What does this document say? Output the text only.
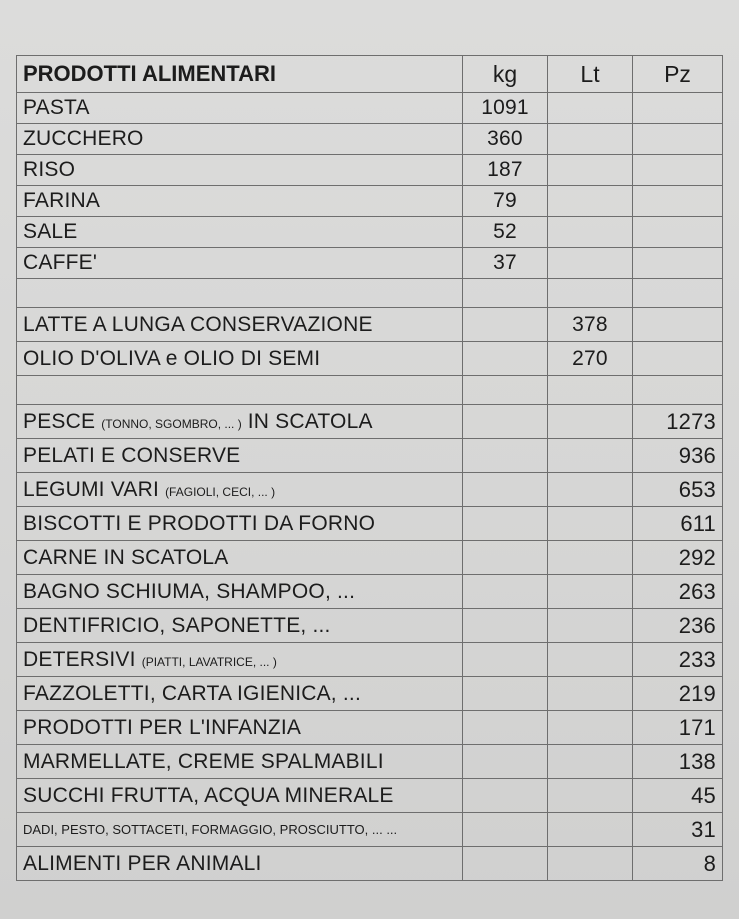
PRODOTTI ALIMENTARI	kg	Lt	Pz
PASTA	1091		
ZUCCHERO	360		
RISO	187		
FARINA	79		
SALE	52		
CAFFE'	37		

LATTE A LUNGA CONSERVAZIONE		378	
OLIO D'OLIVA e OLIO DI SEMI		270	

PESCE (TONNO, SGOMBRO, ... ) IN SCATOLA			1273
PELATI E CONSERVE			936
LEGUMI VARI (FAGIOLI, CECI, ... )			653
BISCOTTI E PRODOTTI DA FORNO			611
CARNE IN SCATOLA			292
BAGNO SCHIUMA, SHAMPOO, ...			263
DENTIFRICIO, SAPONETTE, ...			236
DETERSIVI (PIATTI, LAVATRICE, ... )			233
FAZZOLETTI, CARTA IGIENICA, ...			219
PRODOTTI PER L'INFANZIA			171
MARMELLATE, CREME SPALMABILI			138
SUCCHI FRUTTA, ACQUA MINERALE			45
DADI, PESTO, SOTTACETI, FORMAGGIO, PROSCIUTTO, ... ...			31
ALIMENTI PER ANIMALI			8
